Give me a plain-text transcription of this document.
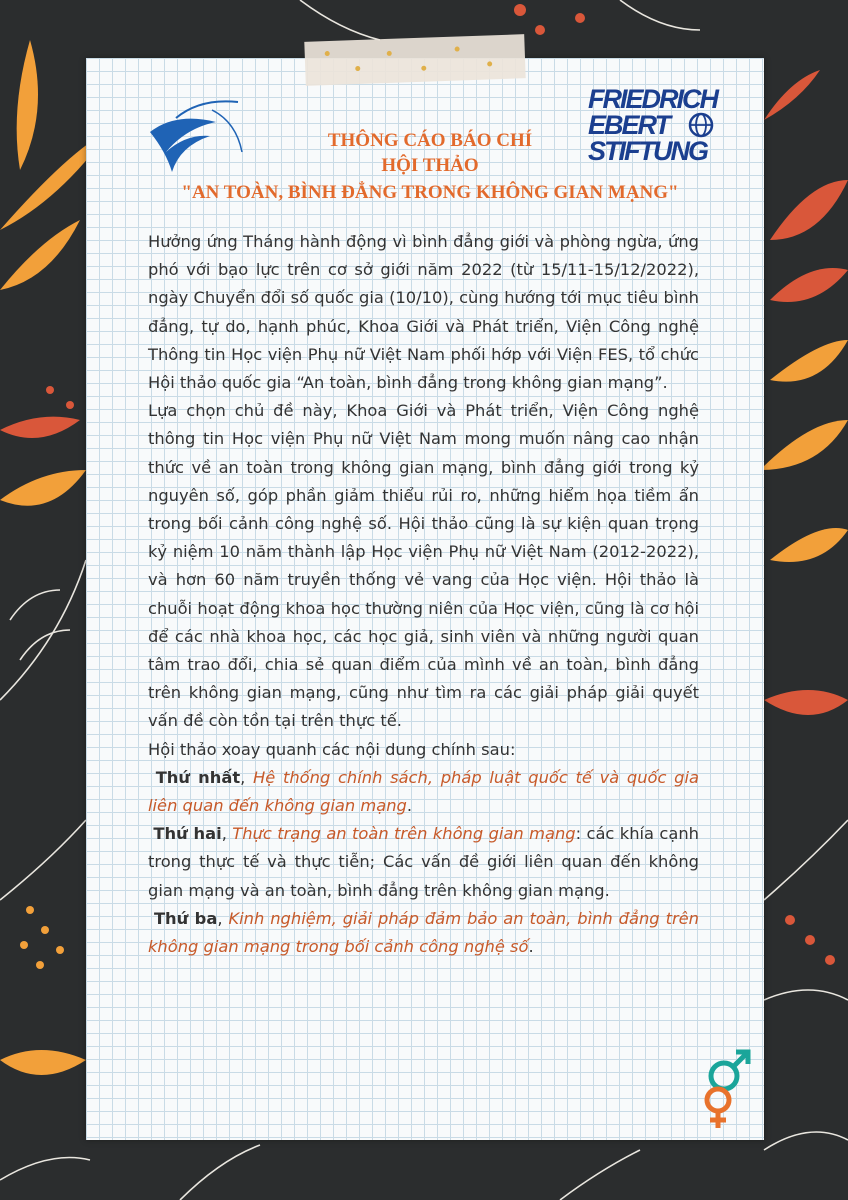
FRIEDRICH
EBERT
STIFTUNG
THÔNG CÁO BÁO CHÍ
HỘI THẢO
"AN TOÀN, BÌNH ĐẲNG TRONG KHÔNG GIAN MẠNG"

Hưởng ứng Tháng hành động vì bình đẳng giới và phòng ngừa, ứng phó với bạo lực trên cơ sở giới năm 2022 (từ 15/11-15/12/2022), ngày Chuyển đổi số quốc gia (10/10), cùng hướng tới mục tiêu bình đẳng, tự do, hạnh phúc, Khoa Giới và Phát triển, Viện Công nghệ Thông tin Học viện Phụ nữ Việt Nam phối hớp với Viện FES, tổ chức Hội thảo quốc gia “An toàn, bình đẳng trong không gian mạng”.

Lựa chọn chủ đề này, Khoa Giới và Phát triển, Viện Công nghệ thông tin Học viện Phụ nữ Việt Nam mong muốn nâng cao nhận thức về an toàn trong không gian mạng, bình đẳng giới trong kỷ nguyên số, góp phần giảm thiểu rủi ro, những hiểm họa tiềm ẩn trong bối cảnh công nghệ số. Hội thảo cũng là sự kiện quan trọng kỷ niệm 10 năm thành lập Học viện Phụ nữ Việt Nam (2012-2022), và hơn 60 năm truyền thống vẻ vang của Học viện. Hội thảo là chuỗi hoạt động khoa học thường niên của Học viện, cũng là cơ hội để các nhà khoa học, các học giả, sinh viên và những người quan tâm trao đổi, chia sẻ quan điểm của mình về an toàn, bình đẳng trên không gian mạng, cũng như tìm ra các giải pháp giải quyết vấn đề còn tồn tại trên thực tế.

Hội thảo xoay quanh các nội dung chính sau:

Thứ nhất, Hệ thống chính sách, pháp luật quốc tế và quốc gia liên quan đến không gian mạng.

Thứ hai, Thực trạng an toàn trên không gian mạng: các khía cạnh trong thực tế và thực tiễn; Các vấn đề giới liên quan đến không gian mạng và an toàn, bình đẳng trên không gian mạng.

Thứ ba, Kinh nghiệm, giải pháp đảm bảo an toàn, bình đẳng trên không gian mạng trong bối cảnh công nghệ số.
